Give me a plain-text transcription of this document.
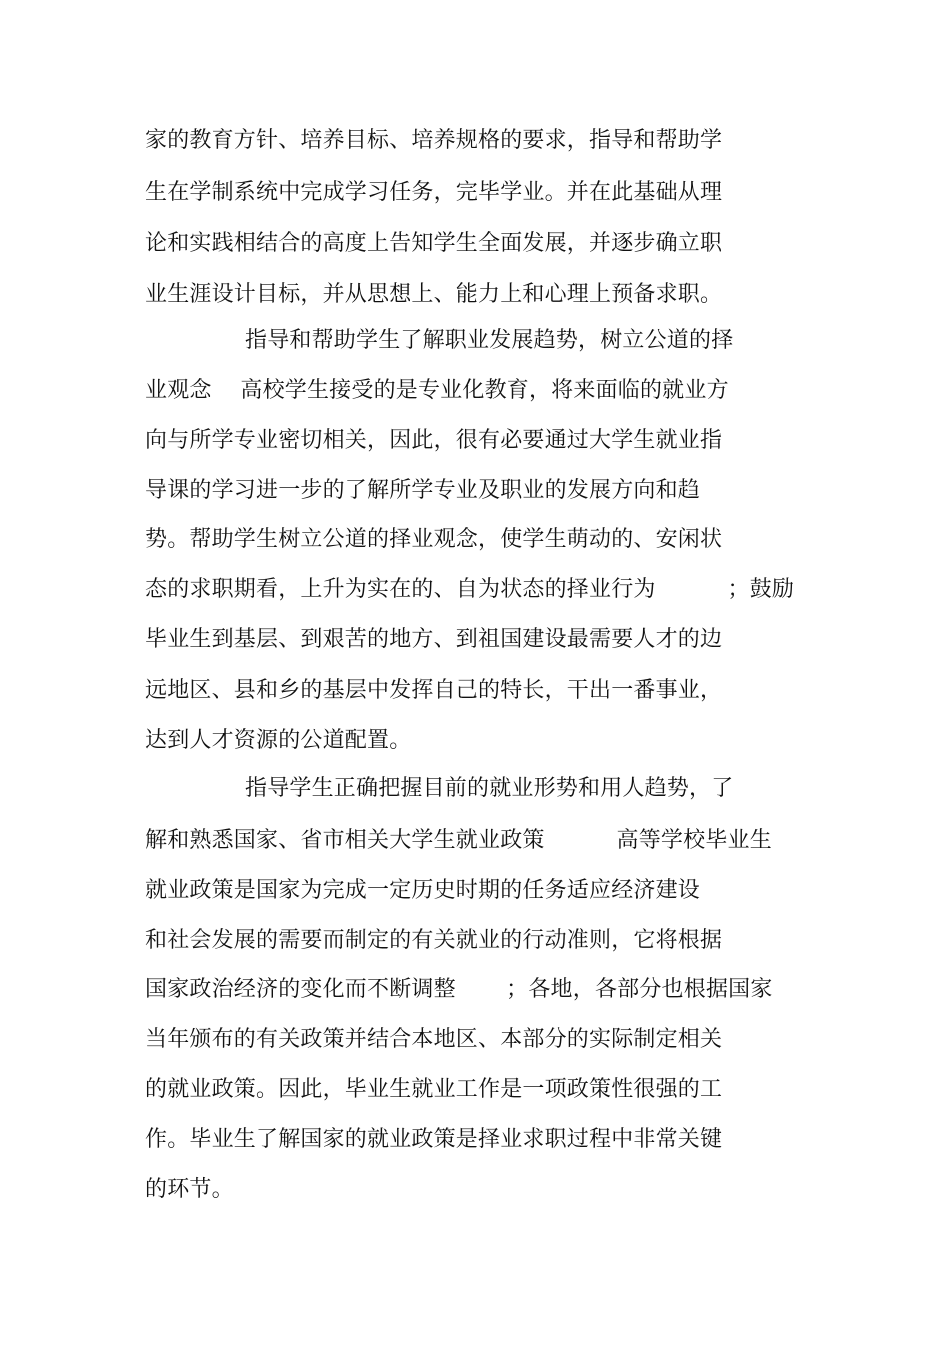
家的教育方针、培养目标、培养规格的要求，指导和帮助学
生在学制系统中完成学习任务，完毕学业。并在此基础从理
论和实践相结合的高度上告知学生全面发展，并逐步确立职
业生涯设计目标，并从思想上、能力上和心理上预备求职。
指导和帮助学生了解职业发展趋势，树立公道的择
业观念    高校学生接受的是专业化教育，将来面临的就业方
向与所学专业密切相关，因此，很有必要通过大学生就业指
导课的学习进一步的了解所学专业及职业的发展方向和趋
势。帮助学生树立公道的择业观念，使学生萌动的、安闲状
态的求职期看，上升为实在的、自为状态的择业行为          ；鼓励
毕业生到基层、到艰苦的地方、到祖国建设最需要人才的边
远地区、县和乡的基层中发挥自己的特长，干出一番事业，
达到人才资源的公道配置。
指导学生正确把握目前的就业形势和用人趋势，了
解和熟悉国家、省市相关大学生就业政策          高等学校毕业生
就业政策是国家为完成一定历史时期的任务适应经济建设
和社会发展的需要而制定的有关就业的行动准则，它将根据
国家政治经济的变化而不断调整       ；各地，各部分也根据国家
当年颁布的有关政策并结合本地区、本部分的实际制定相关
的就业政策。因此，毕业生就业工作是一项政策性很强的工
作。毕业生了解国家的就业政策是择业求职过程中非常关键
的环节。
